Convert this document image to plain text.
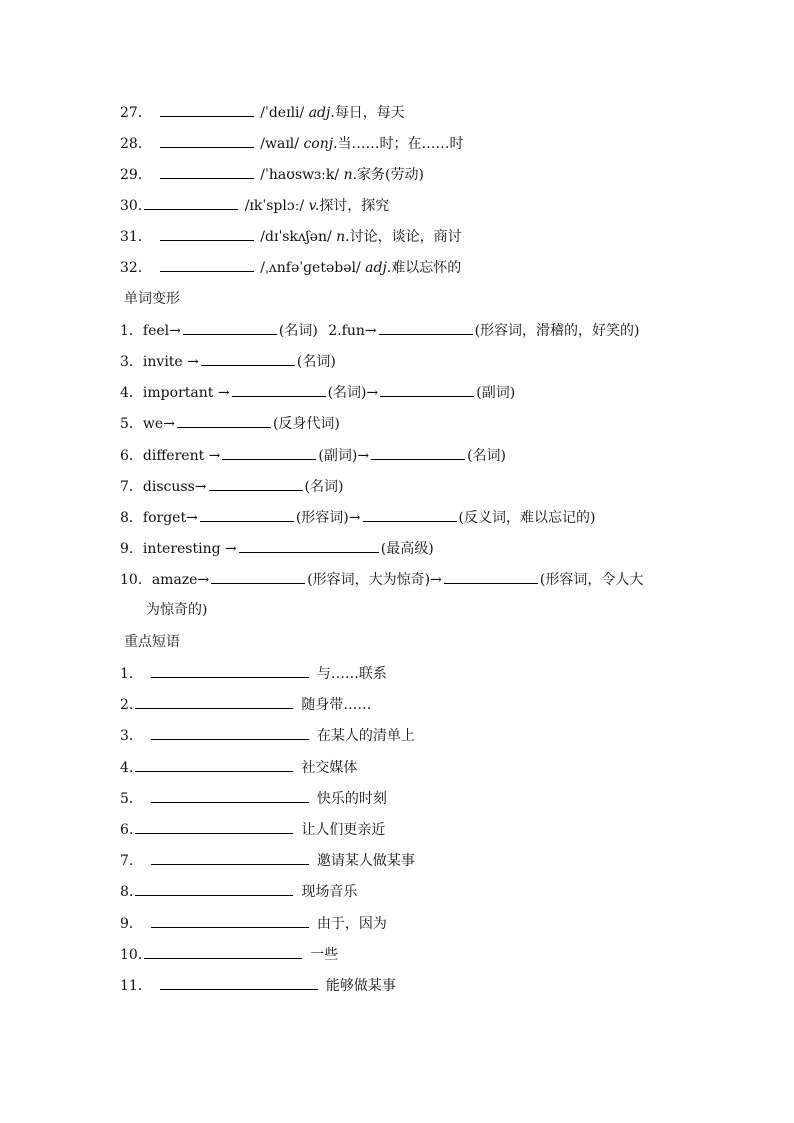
27．	/ˈdeɪli/ adj.每日，每天
28．	/waɪl/ conj.当……时；在……时
29．	/ˈhaʊswɜːk/ n.家务(劳动)
30.	/ɪkˈsplɔː/ v.探讨，探究
31．	/dɪˈskʌʃən/ n.讨论，谈论，商讨
32．	/ˌʌnfəˈɡetəbəl/ adj.难以忘怀的
单词变形
1．feel→	(名词) 2.fun→	(形容词，滑稽的，好笑的)
3．invite →	(名词)
4．important →	(名词)→	(副词)
5．we→	(反身代词)
6．different →	(副词)→	(名词)
7．discuss→	(名词)
8．forget→	(形容词)→	(反义词，难以忘记的)
9．interesting →	(最高级)
10．amaze→	(形容词，大为惊奇)→	(形容词，令人大
为惊奇的)
重点短语
1．	与……联系
2.	随身带……
3．	在某人的清单上
4.	社交媒体
5．	快乐的时刻
6.	让人们更亲近
7．	邀请某人做某事
8.	现场音乐
9．	由于，因为
10.	一些
11．	能够做某事
